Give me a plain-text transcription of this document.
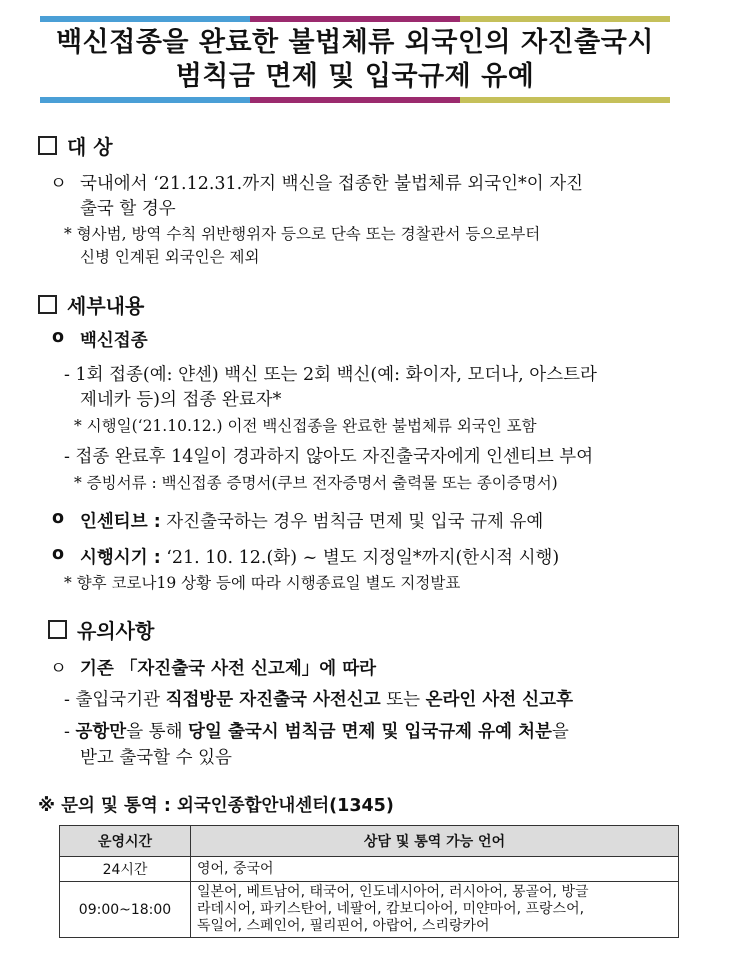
백신접종을 완료한 불법체류 외국인의 자진출국시
범칙금 면제 및 입국규제 유예
대 상
ㅇ 국내에서 ‘21.12.31.까지 백신을 접종한 불법체류 외국인*이 자진
출국 할 경우
* 형사범, 방역 수칙 위반행위자 등으로 단속 또는 경찰관서 등으로부터
신병 인계된 외국인은 제외
세부내용
o 백신접종
- 1회 접종(예: 얀센) 백신 또는 2회 백신(예: 화이자, 모더나, 아스트라
제네카 등)의 접종 완료자*
* 시행일(‘21.10.12.) 이전 백신접종을 완료한 불법체류 외국인 포함
- 접종 완료후 14일이 경과하지 않아도 자진출국자에게 인센티브 부여
* 증빙서류 : 백신접종 증명서(쿠브 전자증명서 출력물 또는 종이증명서)
o 인센티브 : 자진출국하는 경우 범칙금 면제 및 입국 규제 유예
o 시행시기 : ‘21. 10. 12.(화) ~ 별도 지정일*까지(한시적 시행)
* 향후 코로나19 상황 등에 따라 시행종료일 별도 지정발표
유의사항
ㅇ 기존 「자진출국 사전 신고제」에 따라
- 출입국기관 직접방문 자진출국 사전신고 또는 온라인 사전 신고후
- 공항만을 통해 당일 출국시 범칙금 면제 및 입국규제 유예 처분을
받고 출국할 수 있음
※ 문의 및 통역 : 외국인종합안내센터(1345)
운영시간	상담 및 통역 가능 언어
24시간	영어, 중국어
09:00~18:00	일본어, 베트남어, 태국어, 인도네시아어, 러시아어, 몽골어, 방글
라데시어, 파키스탄어, 네팔어, 캄보디아어, 미얀마어, 프랑스어,
독일어, 스페인어, 필리핀어, 아랍어, 스리랑카어
